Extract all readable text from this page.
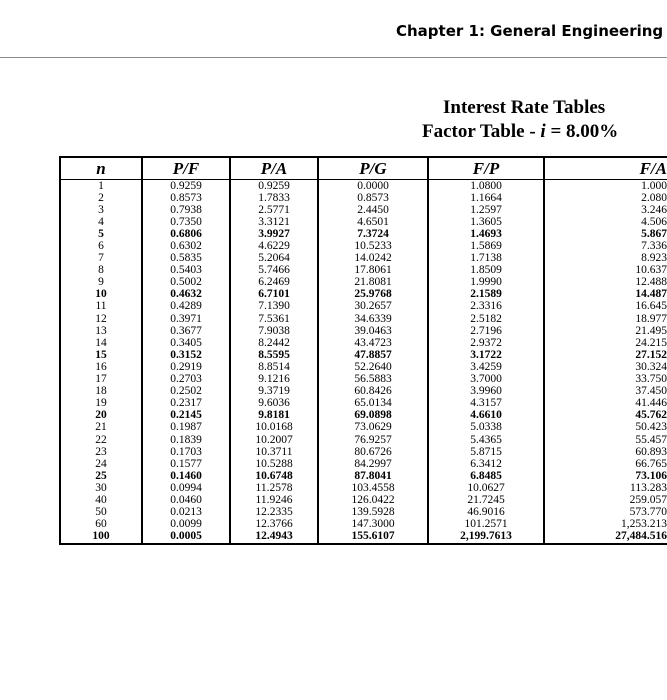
Chapter 1: General Engineering
Interest Rate Tables
Factor Table - i = 8.00%
n	P/F	P/A	P/G	F/P	F/A
1	0.9259	0.9259	0.0000	1.0800	1.000
2	0.8573	1.7833	0.8573	1.1664	2.080
3	0.7938	2.5771	2.4450	1.2597	3.246
4	0.7350	3.3121	4.6501	1.3605	4.506
5	0.6806	3.9927	7.3724	1.4693	5.867
6	0.6302	4.6229	10.5233	1.5869	7.336
7	0.5835	5.2064	14.0242	1.7138	8.923
8	0.5403	5.7466	17.8061	1.8509	10.637
9	0.5002	6.2469	21.8081	1.9990	12.488
10	0.4632	6.7101	25.9768	2.1589	14.487
11	0.4289	7.1390	30.2657	2.3316	16.645
12	0.3971	7.5361	34.6339	2.5182	18.977
13	0.3677	7.9038	39.0463	2.7196	21.495
14	0.3405	8.2442	43.4723	2.9372	24.215
15	0.3152	8.5595	47.8857	3.1722	27.152
16	0.2919	8.8514	52.2640	3.4259	30.324
17	0.2703	9.1216	56.5883	3.7000	33.750
18	0.2502	9.3719	60.8426	3.9960	37.450
19	0.2317	9.6036	65.0134	4.3157	41.446
20	0.2145	9.8181	69.0898	4.6610	45.762
21	0.1987	10.0168	73.0629	5.0338	50.423
22	0.1839	10.2007	76.9257	5.4365	55.457
23	0.1703	10.3711	80.6726	5.8715	60.893
24	0.1577	10.5288	84.2997	6.3412	66.765
25	0.1460	10.6748	87.8041	6.8485	73.106
30	0.0994	11.2578	103.4558	10.0627	113.283
40	0.0460	11.9246	126.0422	21.7245	259.057
50	0.0213	12.2335	139.5928	46.9016	573.770
60	0.0099	12.3766	147.3000	101.2571	1,253.213
100	0.0005	12.4943	155.6107	2,199.7613	27,484.516
